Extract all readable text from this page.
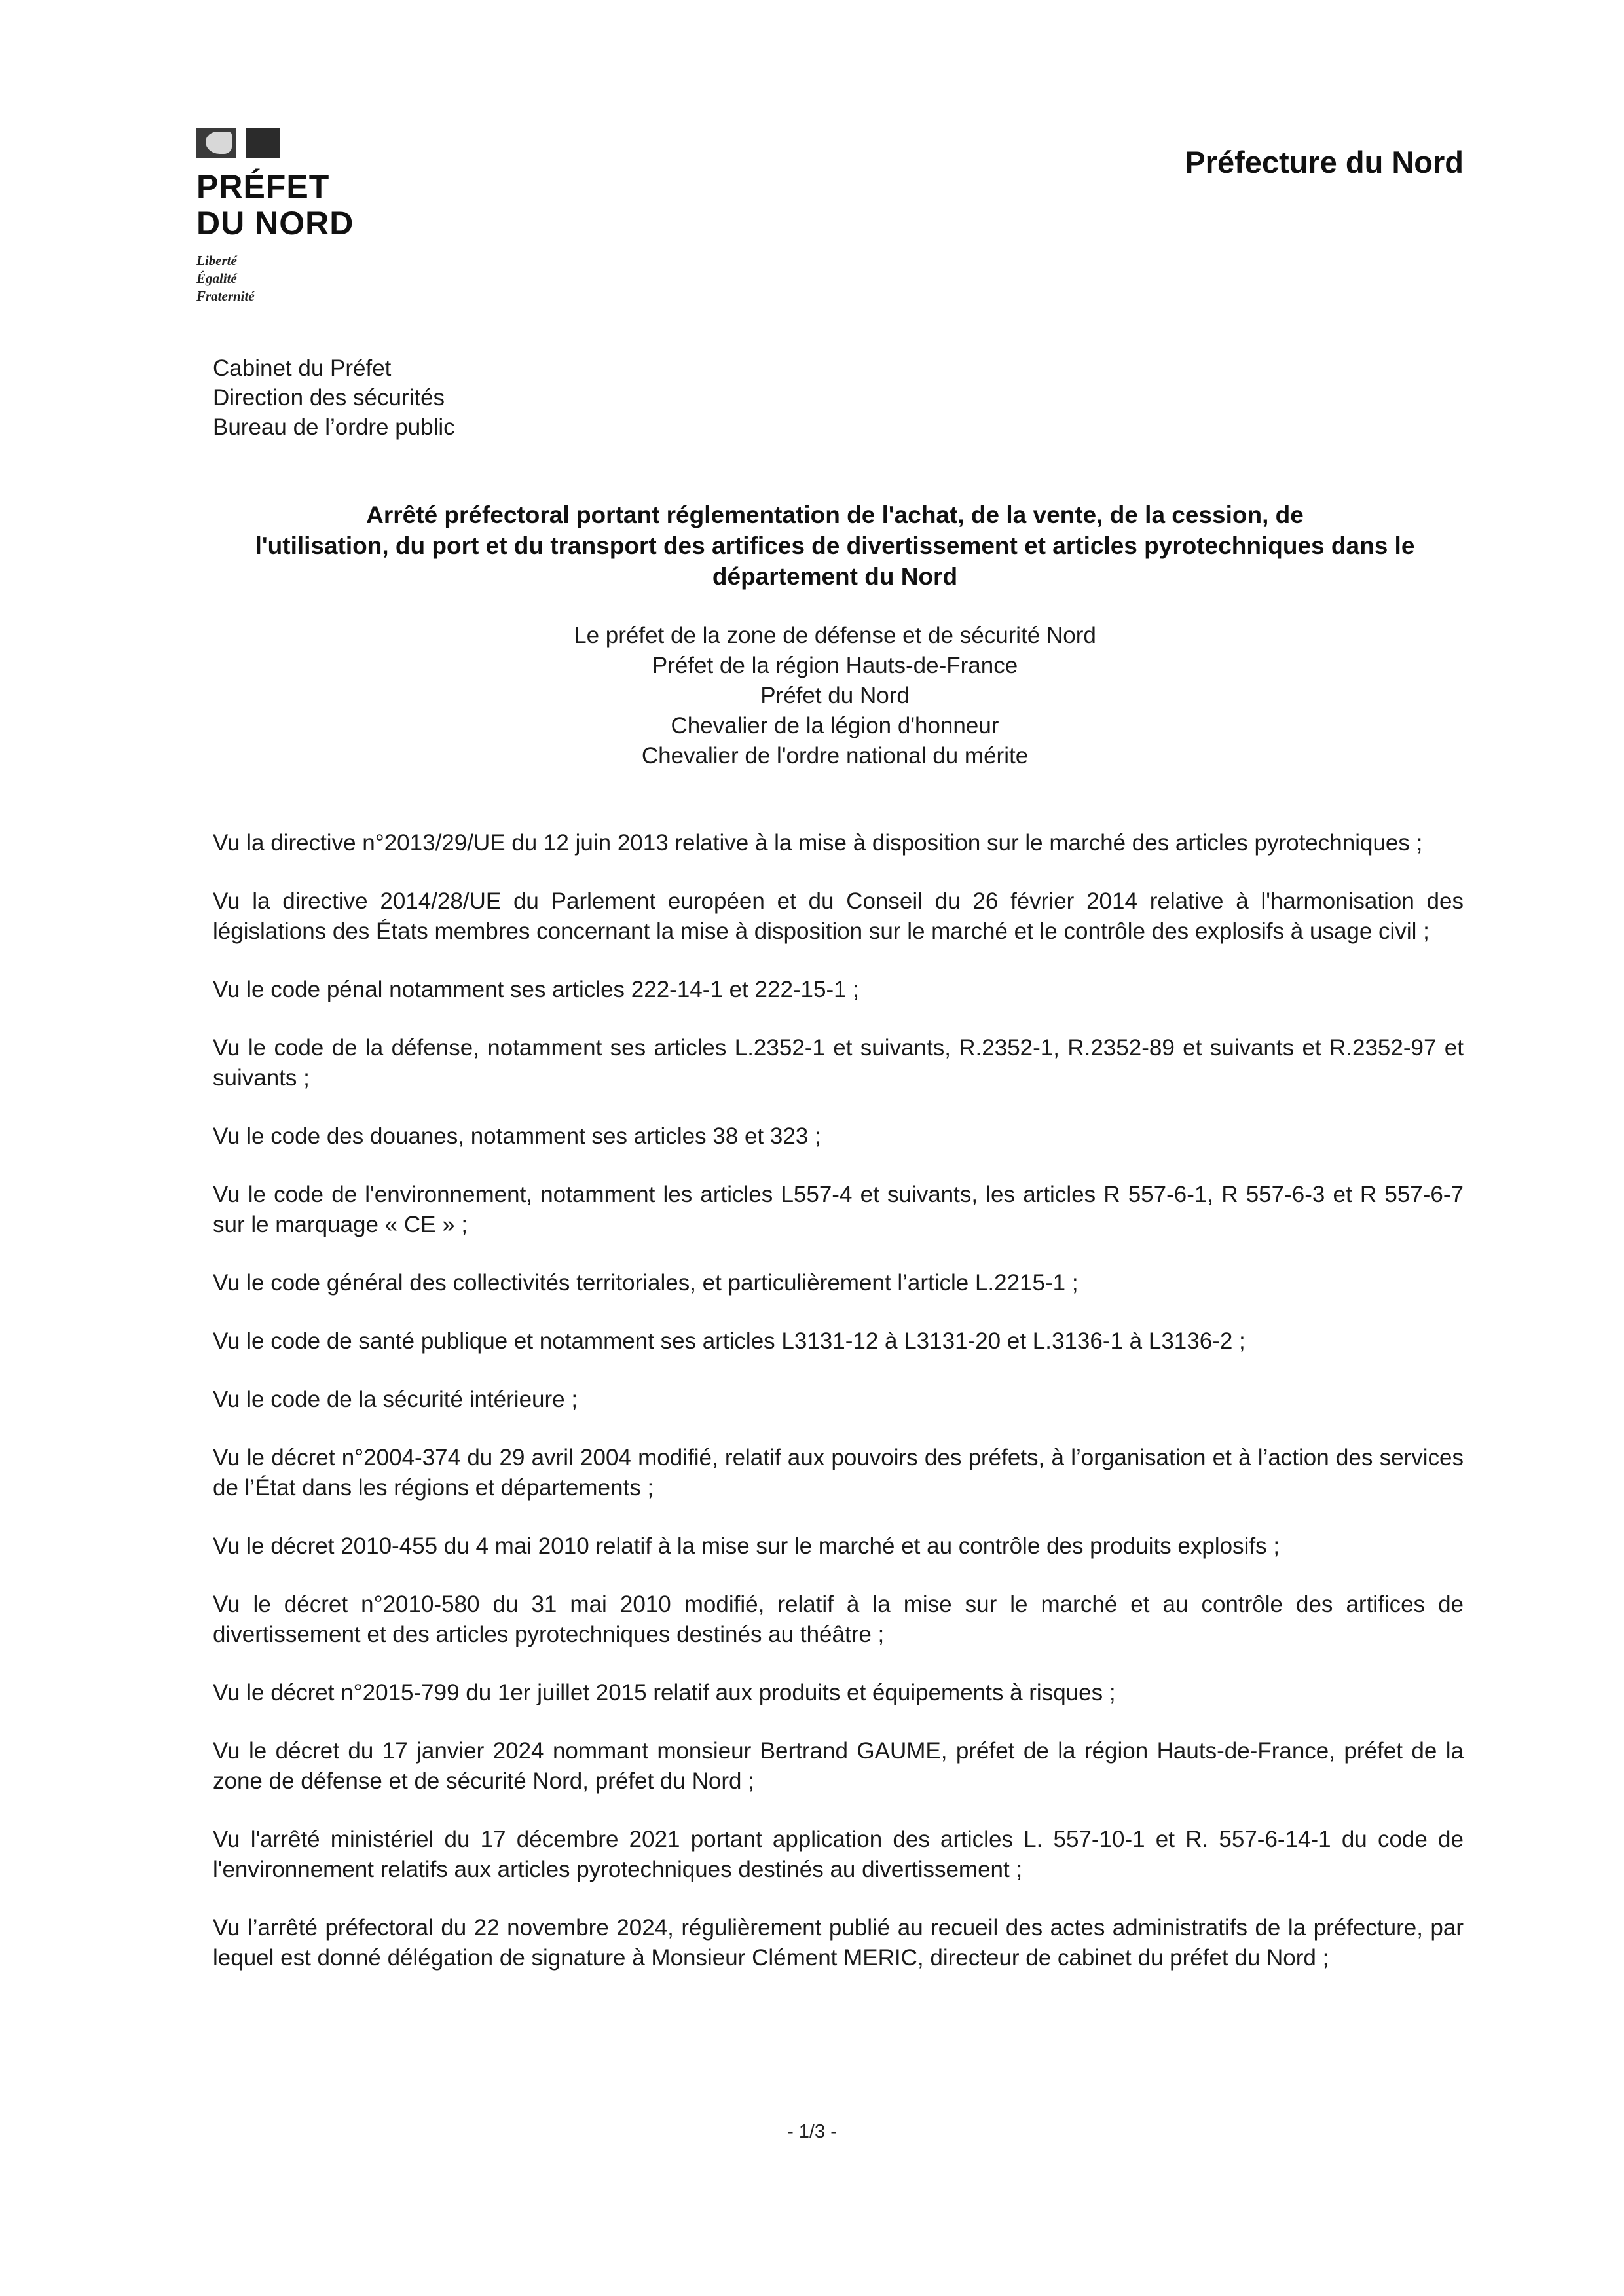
PRÉFET
DU NORD
Liberté
Égalité
Fraternité
Préfecture du Nord
Cabinet du Préfet
Direction des sécurités
Bureau de l’ordre public
Arrêté préfectoral portant réglementation de l'achat, de la vente, de la cession, de
l'utilisation, du port et du transport des artifices de divertissement et articles pyrotechniques dans le
département du Nord
Le préfet de la zone de défense et de sécurité Nord
Préfet de la région Hauts-de-France
Préfet du Nord
Chevalier de la légion d'honneur
Chevalier de l'ordre national du mérite

Vu la directive n°2013/29/UE du 12 juin 2013 relative à la mise à disposition sur le marché des articles pyrotechniques ;

Vu la directive 2014/28/UE du Parlement européen et du Conseil du 26 février 2014 relative à l'harmonisation des législations des États membres concernant la mise à disposition sur le marché et le contrôle des explosifs à usage civil ;

Vu le code pénal notamment ses articles 222-14-1 et 222-15-1 ;

Vu le code de la défense, notamment ses articles L.2352-1 et suivants, R.2352-1, R.2352-89 et suivants et R.2352-97 et suivants ;

Vu le code des douanes, notamment ses articles 38 et 323 ;

Vu le code de l'environnement, notamment les articles L557-4 et suivants, les articles R 557-6-1, R 557-6-3 et R 557-6-7 sur le marquage « CE » ;

Vu le code général des collectivités territoriales, et particulièrement l’article L.2215-1 ;

Vu le code de santé publique et notamment ses articles L3131-12 à L3131-20 et L.3136-1 à L3136-2 ;

Vu le code de la sécurité intérieure ;

Vu le décret n°2004-374 du 29 avril 2004 modifié, relatif aux pouvoirs des préfets, à l’organisation et à l’action des services de l’État dans les régions et départements ;

Vu le décret 2010-455 du 4 mai 2010 relatif à la mise sur le marché et au contrôle des produits explosifs ;

Vu le décret n°2010-580 du 31 mai 2010 modifié, relatif à la mise sur le marché et au contrôle des artifices de divertissement et des articles pyrotechniques destinés au théâtre ;

Vu le décret n°2015-799 du 1er juillet 2015 relatif aux produits et équipements à risques ;

Vu le décret du 17 janvier 2024 nommant monsieur Bertrand GAUME, préfet de la région Hauts-de-France, préfet de la zone de défense et de sécurité Nord, préfet du Nord ;

Vu l'arrêté ministériel du 17 décembre 2021 portant application des articles L. 557-10-1 et R. 557-6-14-1 du code de l'environnement relatifs aux articles pyrotechniques destinés au divertissement ;

Vu l’arrêté préfectoral du 22 novembre 2024, régulièrement publié au recueil des actes administratifs de la préfecture, par lequel est donné délégation de signature à Monsieur Clément MERIC, directeur de cabinet du préfet du Nord ;

- 1/3 -
